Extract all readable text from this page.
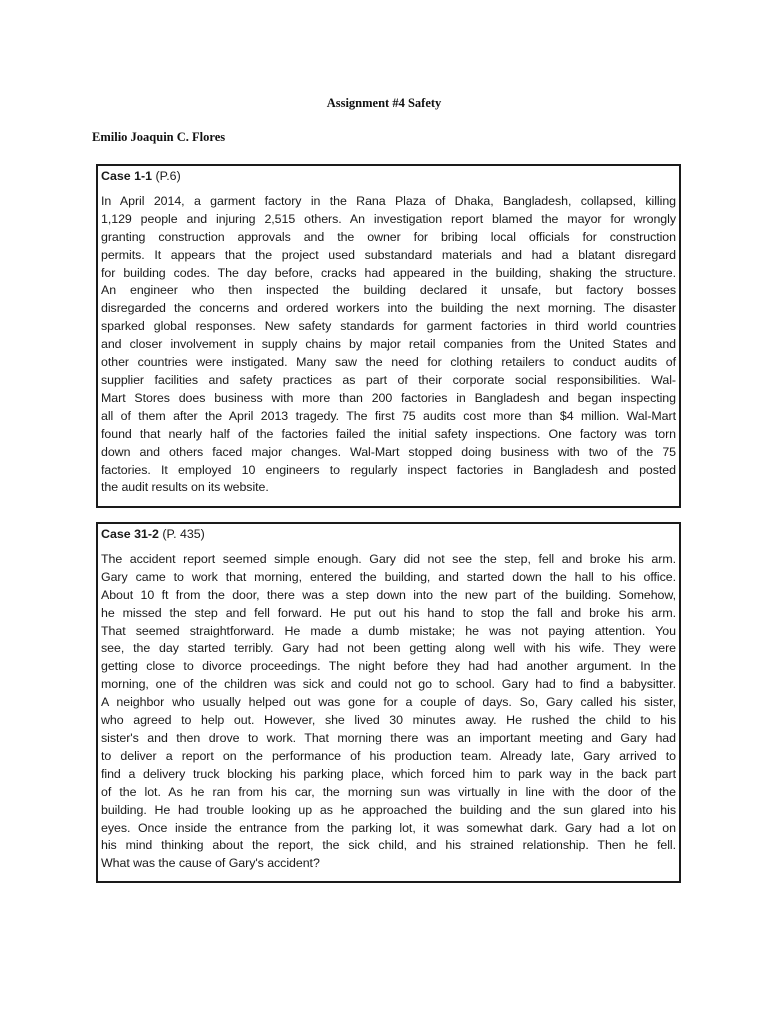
Assignment #4 Safety
Emilio Joaquin C. Flores
Case 1-1 (P.6)
In April 2014, a garment factory in the Rana Plaza of Dhaka, Bangladesh, collapsed, killing
1,129 people and injuring 2,515 others. An investigation report blamed the mayor for wrongly
granting construction approvals and the owner for bribing local officials for construction
permits. It appears that the project used substandard materials and had a blatant disregard
for building codes. The day before, cracks had appeared in the building, shaking the structure.
An engineer who then inspected the building declared it unsafe, but factory bosses
disregarded the concerns and ordered workers into the building the next morning. The disaster
sparked global responses. New safety standards for garment factories in third world countries
and closer involvement in supply chains by major retail companies from the United States and
other countries were instigated. Many saw the need for clothing retailers to conduct audits of
supplier facilities and safety practices as part of their corporate social responsibilities. Wal-
Mart Stores does business with more than 200 factories in Bangladesh and began inspecting
all of them after the April 2013 tragedy. The first 75 audits cost more than $4 million. Wal-Mart
found that nearly half of the factories failed the initial safety inspections. One factory was torn
down and others faced major changes. Wal-Mart stopped doing business with two of the 75
factories. It employed 10 engineers to regularly inspect factories in Bangladesh and posted
the audit results on its website.
Case 31-2 (P. 435)
The accident report seemed simple enough. Gary did not see the step, fell and broke his arm.
Gary came to work that morning, entered the building, and started down the hall to his office.
About 10 ft from the door, there was a step down into the new part of the building. Somehow,
he missed the step and fell forward. He put out his hand to stop the fall and broke his arm.
That seemed straightforward. He made a dumb mistake; he was not paying attention. You
see, the day started terribly. Gary had not been getting along well with his wife. They were
getting close to divorce proceedings. The night before they had had another argument. In the
morning, one of the children was sick and could not go to school. Gary had to find a babysitter.
A neighbor who usually helped out was gone for a couple of days. So, Gary called his sister,
who agreed to help out. However, she lived 30 minutes away. He rushed the child to his
sister's and then drove to work. That morning there was an important meeting and Gary had
to deliver a report on the performance of his production team. Already late, Gary arrived to
find a delivery truck blocking his parking place, which forced him to park way in the back part
of the lot. As he ran from his car, the morning sun was virtually in line with the door of the
building. He had trouble looking up as he approached the building and the sun glared into his
eyes. Once inside the entrance from the parking lot, it was somewhat dark. Gary had a lot on
his mind thinking about the report, the sick child, and his strained relationship. Then he fell.
What was the cause of Gary's accident?
